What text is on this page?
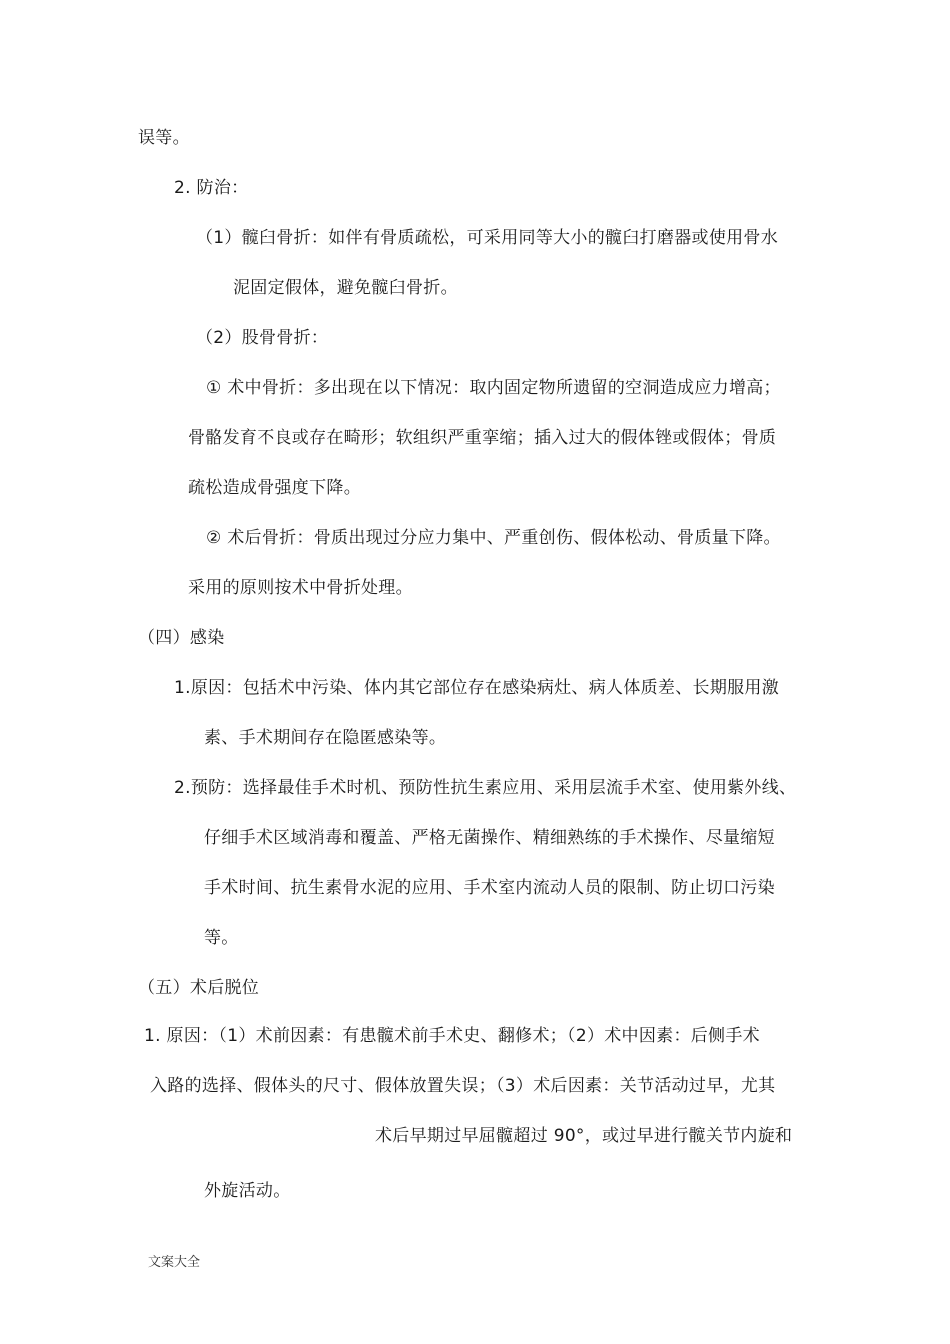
误等。
2. 防治：
（1）髋臼骨折：如伴有骨质疏松，可采用同等大小的髋臼打磨器或使用骨水
泥固定假体，避免髋臼骨折。
（2）股骨骨折：
① 术中骨折：多出现在以下情况：取内固定物所遗留的空洞造成应力增高；
骨骼发育不良或存在畸形；软组织严重挛缩；插入过大的假体锉或假体；骨质
疏松造成骨强度下降。
② 术后骨折：骨质出现过分应力集中、严重创伤、假体松动、骨质量下降。
采用的原则按术中骨折处理。
（四）感染
1.原因：包括术中污染、体内其它部位存在感染病灶、病人体质差、长期服用激
素、手术期间存在隐匿感染等。
2.预防：选择最佳手术时机、预防性抗生素应用、采用层流手术室、使用紫外线、
仔细手术区域消毒和覆盖、严格无菌操作、精细熟练的手术操作、尽量缩短
手术时间、抗生素骨水泥的应用、手术室内流动人员的限制、防止切口污染
等。
（五）术后脱位
1. 原因：（1）术前因素：有患髋术前手术史、翻修术；（2）术中因素：后侧手术
入路的选择、假体头的尺寸、假体放置失误；（3）术后因素：关节活动过早，尤其
术后早期过早屈髋超过 90°，或过早进行髋关节内旋和
外旋活动。
文案大全
